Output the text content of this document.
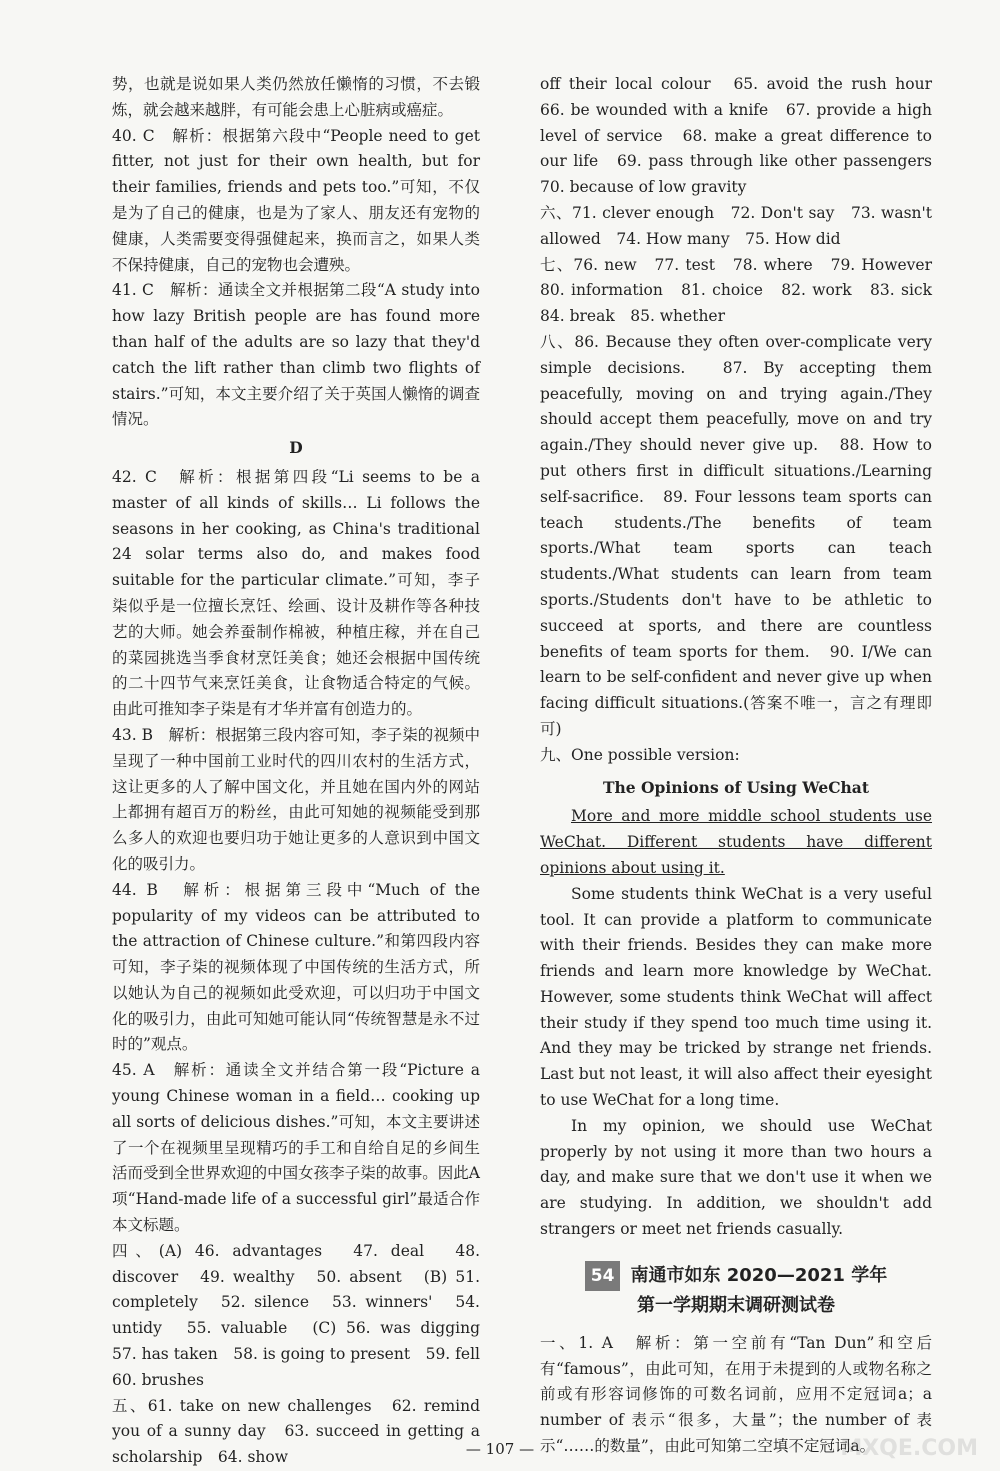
势，也就是说如果人类仍然放任懒惰的习惯，不去锻炼，就会越来越胖，有可能会患上心脏病或癌症。

40. C　解析：根据第六段中“People need to get fitter, not just for their own health, but for their families, friends and pets too.”可知，不仅是为了自己的健康，也是为了家人、朋友还有宠物的健康，人类需要变得强健起来，换而言之，如果人类不保持健康，自己的宠物也会遭殃。

41. C　解析：通读全文并根据第二段“A study into how lazy British people are has found more than half of the adults are so lazy that they'd catch the lift rather than climb two flights of stairs.”可知，本文主要介绍了关于英国人懒惰的调查情况。

D

42. C　解析：根据第四段“Li seems to be a master of all kinds of skills… Li follows the seasons in her cooking, as China's traditional 24 solar terms also do, and makes food suitable for the particular climate.”可知，李子柒似乎是一位擅长烹饪、绘画、设计及耕作等各种技艺的大师。她会养蚕制作棉被，种植庄稼，并在自己的菜园挑选当季食材烹饪美食；她还会根据中国传统的二十四节气来烹饪美食，让食物适合特定的气候。由此可推知李子柒是有才华并富有创造力的。

43. B　解析：根据第三段内容可知，李子柒的视频中呈现了一种中国前工业时代的四川农村的生活方式，这让更多的人了解中国文化，并且她在国内外的网站上都拥有超百万的粉丝，由此可知她的视频能受到那么多人的欢迎也要归功于她让更多的人意识到中国文化的吸引力。

44. B　解析：根据第三段中“Much of the popularity of my videos can be attributed to the attraction of Chinese culture.”和第四段内容可知，李子柒的视频体现了中国传统的生活方式，所以她认为自己的视频如此受欢迎，可以归功于中国文化的吸引力，由此可知她可能认同“传统智慧是永不过时的”观点。

45. A　解析：通读全文并结合第一段“Picture a young Chinese woman in a field… cooking up all sorts of delicious dishes.”可知，本文主要讲述了一个在视频里呈现精巧的手工和自给自足的乡间生活而受到全世界欢迎的中国女孩李子柒的故事。因此A项“Hand-made life of a successful girl”最适合作本文标题。

四、(A) 46. advantages　47. deal　48. discover　49. wealthy　50. absent　(B) 51. completely　52. silence　53. winners'　54. untidy　55. valuable　(C) 56. was digging　57. has taken　58. is going to present　59. fell　60. brushes

五、61. take on new challenges　62. remind you of a sunny day　63. succeed in getting a scholarship　64. show

off their local colour　65. avoid the rush hour　66. be wounded with a knife　67. provide a high level of service　68. make a great difference to our life　69. pass through like other passengers　70. because of low gravity

六、71. clever enough　72. Don't say　73. wasn't allowed　74. How many　75. How did

七、76. new　77. test　78. where　79. However　80. information　81. choice　82. work　83. sick　84. break　85. whether

八、86. Because they often over-complicate very simple decisions.　87. By accepting them peacefully, moving on and trying again./They should accept them peacefully, move on and try again./They should never give up.　88. How to put others first in difficult situations./Learning self-sacrifice.　89. Four lessons team sports can teach students./The benefits of team sports./What team sports can teach students./What students can learn from team sports./Students don't have to be athletic to succeed at sports, and there are countless benefits of team sports for them.　90. I/We can learn to be self-confident and never give up when facing difficult situations.(答案不唯一，言之有理即可)

九、One possible version:

The Opinions of Using WeChat

More and more middle school students use WeChat. Different students have different opinions about using it.

Some students think WeChat is a very useful tool. It can provide a platform to communicate with their friends. Besides they can make more friends and learn more knowledge by WeChat. However, some students think WeChat will affect their study if they spend too much time using it. And they may be tricked by strange net friends. Last but not least, it will also affect their eyesight to use WeChat for a long time.

In my opinion, we should use WeChat properly by not using it more than two hours a day, and make sure that we don't use it when we are studying. In addition, we shouldn't add strangers or meet net friends casually.

54 南通市如东 2020—2021 学年
第一学期期末调研测试卷

一、1. A　解析：第一空前有“Tan Dun”和空后有“famous”，由此可知，在用于未提到的人或物名称之前或有形容词修饰的可数名词前，应用不定冠词a；a number of 表示“很多，大量”；the number of 表示“……的数量”，由此可知第二空填不定冠词a。

— 107 —	MXQE.COM
